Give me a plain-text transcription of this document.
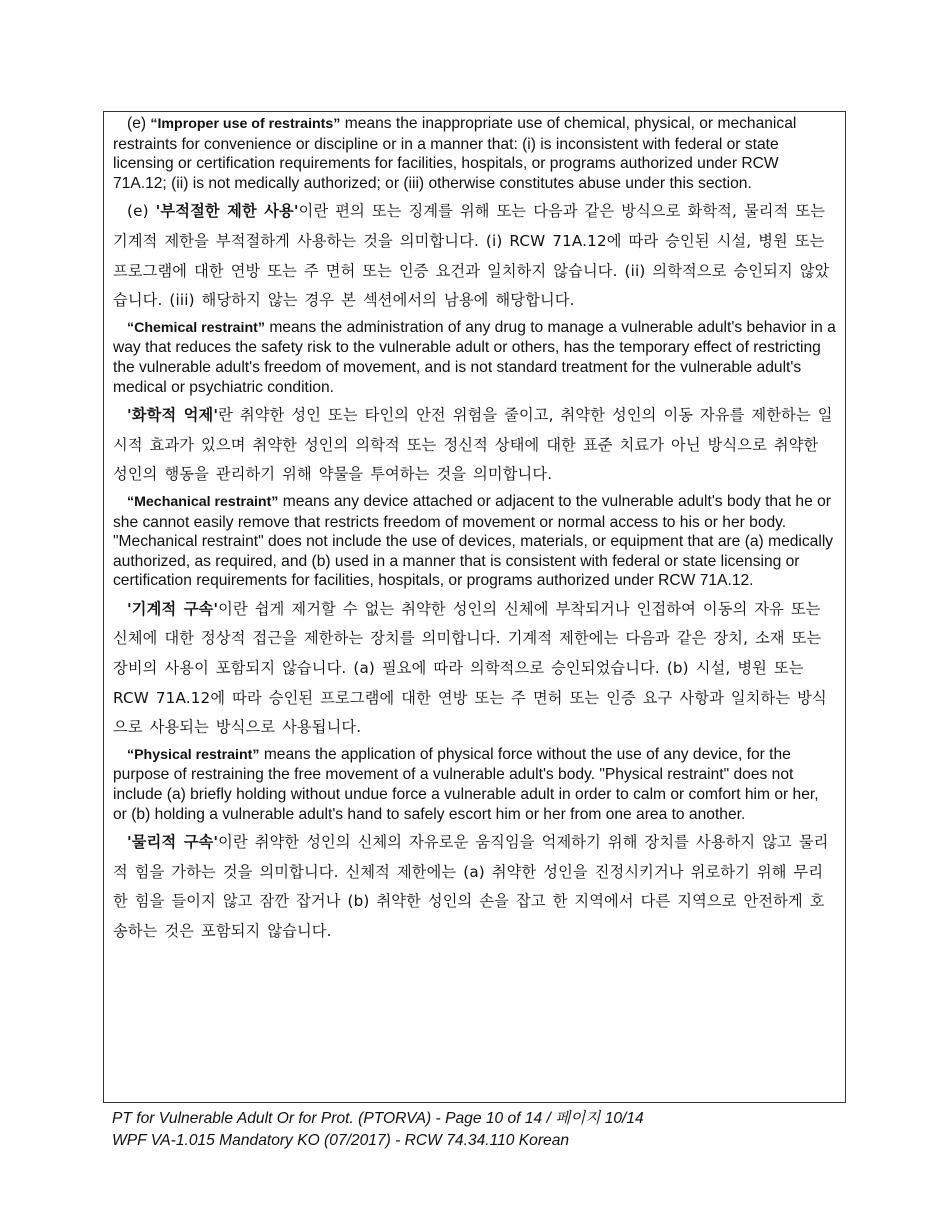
(e) “Improper use of restraints” means the inappropriate use of chemical, physical, or mechanical restraints for convenience or discipline or in a manner that: (i) is inconsistent with federal or state licensing or certification requirements for facilities, hospitals, or programs authorized under RCW 71A.12; (ii) is not medically authorized; or (iii) otherwise constitutes abuse under this section.

(e) '부적절한 제한 사용'이란 편의 또는 징계를 위해 또는 다음과 같은 방식으로 화학적, 물리적 또는 기계적 제한을 부적절하게 사용하는 것을 의미합니다. (i) RCW 71A.12에 따라 승인된 시설, 병원 또는 프로그램에 대한 연방 또는 주 면허 또는 인증 요건과 일치하지 않습니다. (ii) 의학적으로 승인되지 않았습니다. (iii) 해당하지 않는 경우 본 섹션에서의 남용에 해당합니다.

“Chemical restraint” means the administration of any drug to manage a vulnerable adult's behavior in a way that reduces the safety risk to the vulnerable adult or others, has the temporary effect of restricting the vulnerable adult's freedom of movement, and is not standard treatment for the vulnerable adult's medical or psychiatric condition.

'화학적 억제'란 취약한 성인 또는 타인의 안전 위험을 줄이고, 취약한 성인의 이동 자유를 제한하는 일시적 효과가 있으며 취약한 성인의 의학적 또는 정신적 상태에 대한 표준 치료가 아닌 방식으로 취약한 성인의 행동을 관리하기 위해 약물을 투여하는 것을 의미합니다.

“Mechanical restraint” means any device attached or adjacent to the vulnerable adult's body that he or she cannot easily remove that restricts freedom of movement or normal access to his or her body. "Mechanical restraint" does not include the use of devices, materials, or equipment that are (a) medically authorized, as required, and (b) used in a manner that is consistent with federal or state licensing or certification requirements for facilities, hospitals, or programs authorized under RCW 71A.12.

'기계적 구속'이란 쉽게 제거할 수 없는 취약한 성인의 신체에 부착되거나 인접하여 이동의 자유 또는 신체에 대한 정상적 접근을 제한하는 장치를 의미합니다. 기계적 제한에는 다음과 같은 장치, 소재 또는 장비의 사용이 포함되지 않습니다. (a) 필요에 따라 의학적으로 승인되었습니다. (b) 시설, 병원 또는 RCW 71A.12에 따라 승인된 프로그램에 대한 연방 또는 주 면허 또는 인증 요구 사항과 일치하는 방식으로 사용되는 방식으로 사용됩니다.

“Physical restraint” means the application of physical force without the use of any device, for the purpose of restraining the free movement of a vulnerable adult's body. "Physical restraint" does not include (a) briefly holding without undue force a vulnerable adult in order to calm or comfort him or her, or (b) holding a vulnerable adult's hand to safely escort him or her from one area to another.

'물리적 구속'이란 취약한 성인의 신체의 자유로운 움직임을 억제하기 위해 장치를 사용하지 않고 물리적 힘을 가하는 것을 의미합니다. 신체적 제한에는 (a) 취약한 성인을 진정시키거나 위로하기 위해 무리한 힘을 들이지 않고 잠깐 잡거나 (b) 취약한 성인의 손을 잡고 한 지역에서 다른 지역으로 안전하게 호송하는 것은 포함되지 않습니다.

PT for Vulnerable Adult Or for Prot. (PTORVA) - Page 10 of 14 / 페이지 10/14
WPF VA-1.015 Mandatory KO (07/2017) - RCW 74.34.110 Korean
